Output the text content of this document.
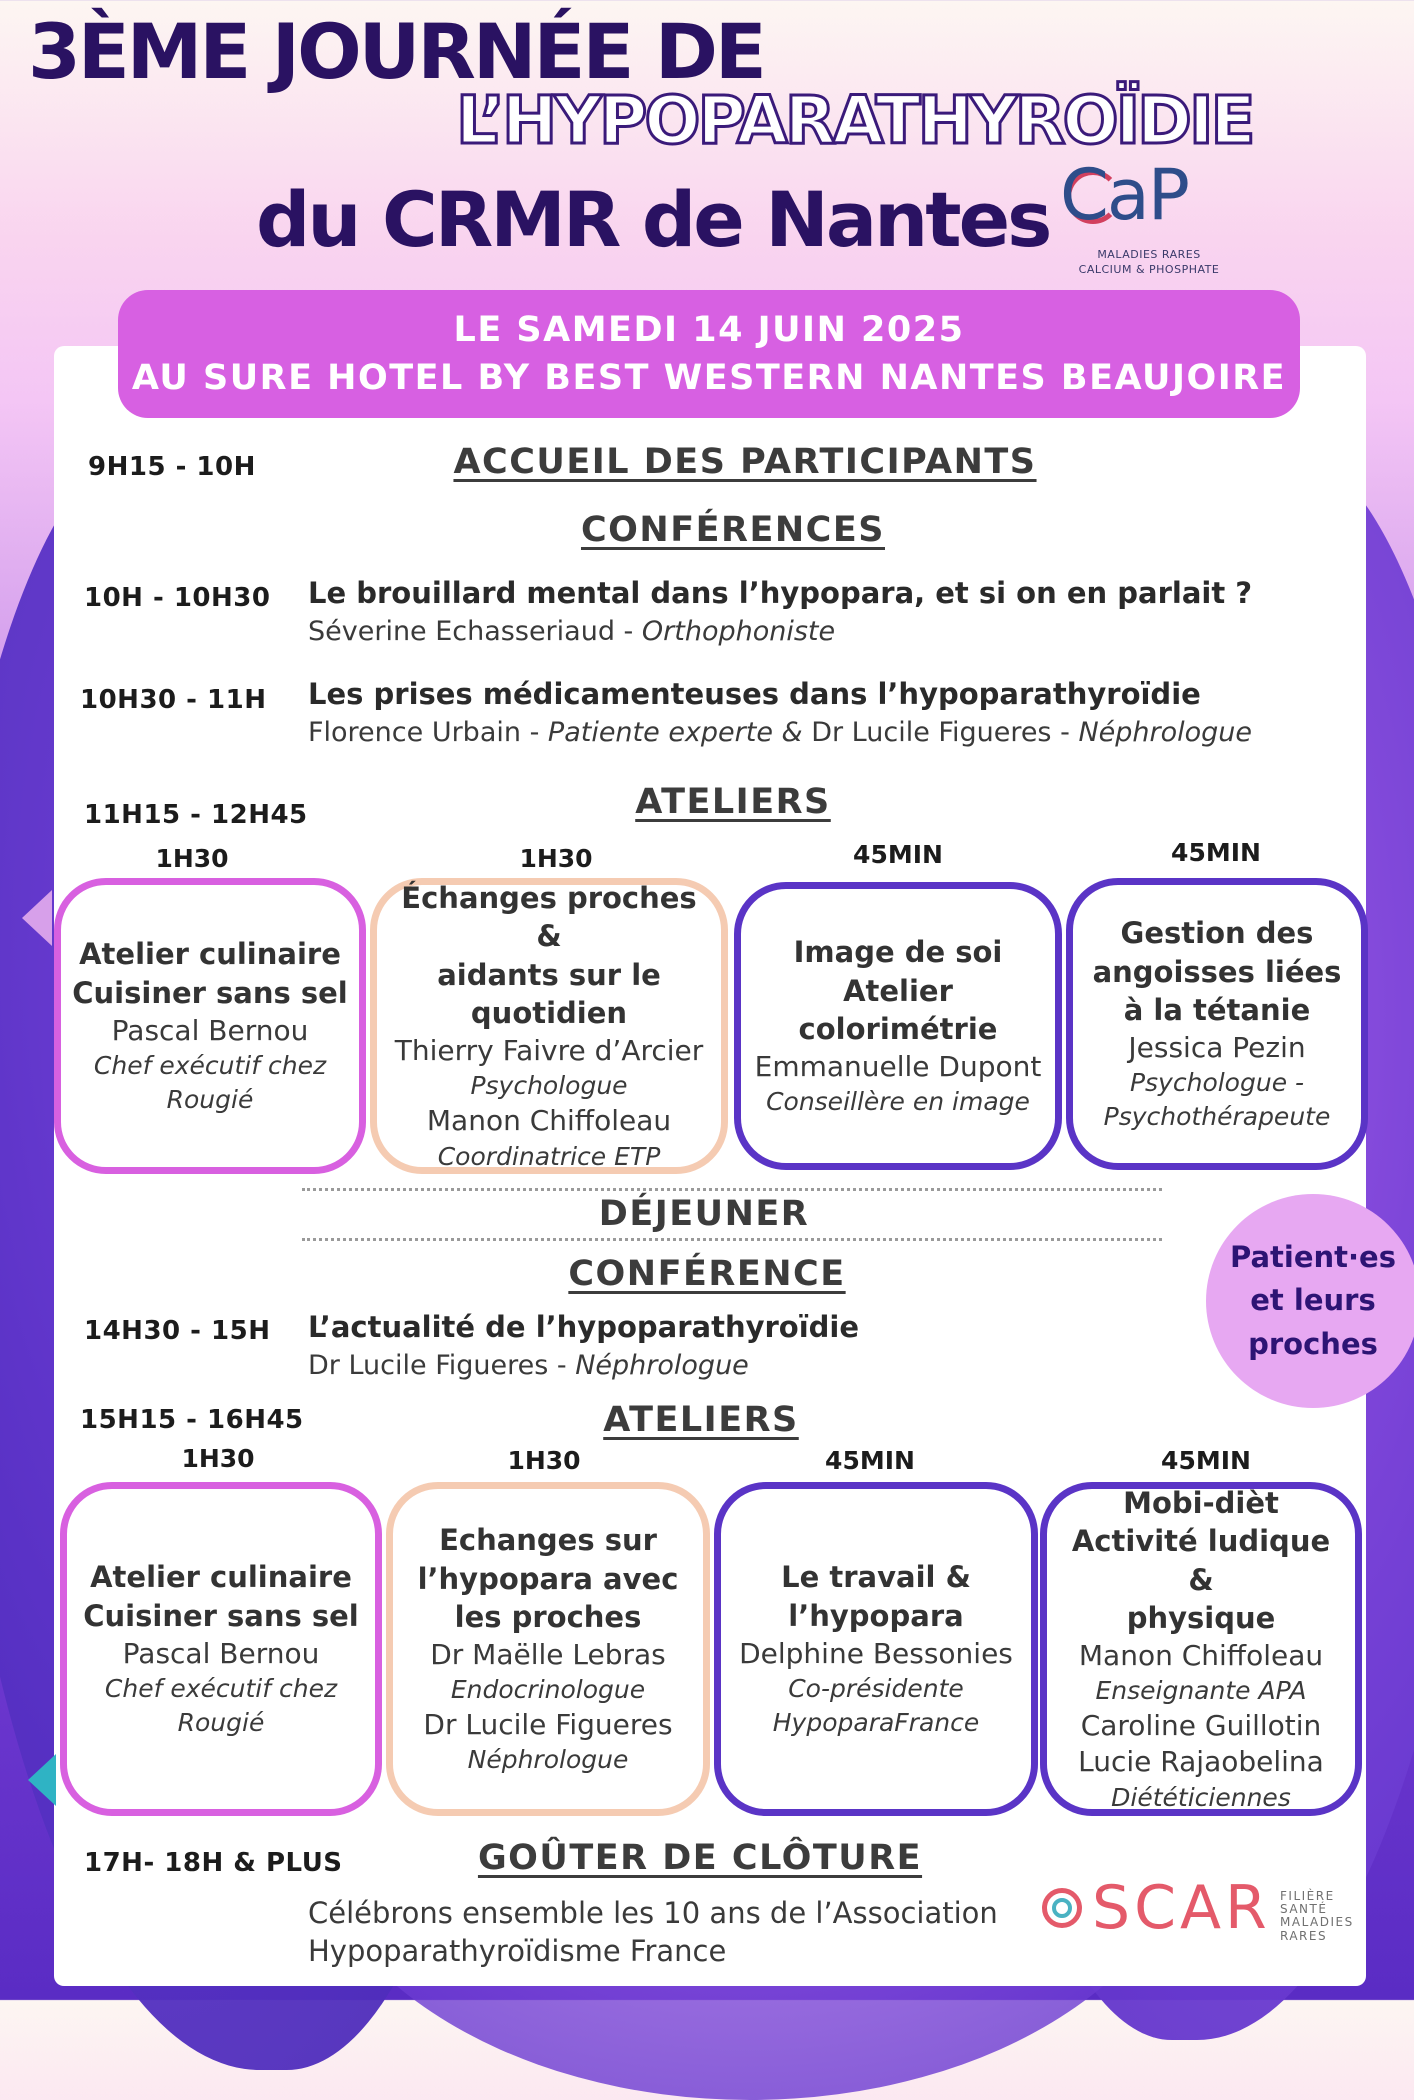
3ÈME JOURNÉE DE
L’HYPOPARATHYROÏDIE
du CRMR de Nantes CaP
MALADIES RARES
CALCIUM & PHOSPHATE
LE SAMEDI 14 JUIN 2025
AU SURE HOTEL BY BEST WESTERN NANTES BEAUJOIRE
9H15 - 10H	ACCUEIL DES PARTICIPANTS
CONFÉRENCES
10H - 10H30 Le brouillard mental dans l’hypopara, et si on en parlait ?
Séverine Echasseriaud - Orthophoniste
10H30 - 11H Les prises médicamenteuses dans l’hypoparathyroïdie
Florence Urbain - Patiente experte & Dr Lucile Figueres - Néphrologue
11H15 - 12H45	ATELIERS
1H30	1H30	45MIN	45MIN
Atelier culinaire
Cuisiner sans sel
Pascal Bernou
Chef exécutif chez
Rougié
Échanges proches &
aidants sur le
quotidien
Thierry Faivre d’Arcier
Psychologue
Manon Chiffoleau
Coordinatrice ETP
Image de soi
Atelier
colorimétrie
Emmanuelle Dupont
Conseillère en image
Gestion des
angoisses liées
à la tétanie
Jessica Pezin
Psychologue -
Psychothérapeute
DÉJEUNER
CONFÉRENCE	Patient·es
et leurs
proches
14H30 - 15H L’actualité de l’hypoparathyroïdie
Dr Lucile Figueres - Néphrologue
15H15 - 16H45	ATELIERS
1H30	1H30	45MIN	45MIN
Atelier culinaire
Cuisiner sans sel
Pascal Bernou
Chef exécutif chez
Rougié
Echanges sur
l’hypopara avec
les proches
Dr Maëlle Lebras
Endocrinologue
Dr Lucile Figueres
Néphrologue
Le travail &
l’hypopara
Delphine Bessonies
Co-présidente
HypoparaFrance
Mobi-dièt
Activité ludique &
physique
Manon Chiffoleau
Enseignante APA
Caroline Guillotin
Lucie Rajaobelina
Diététiciennes
17H- 18H & PLUS	GOÛTER DE CLÔTURE
Célébrons ensemble les 10 ans de l’Association
Hypoparathyroïdisme France
SCAR FILIÈRE
SANTÉ
MALADIES
RARES
